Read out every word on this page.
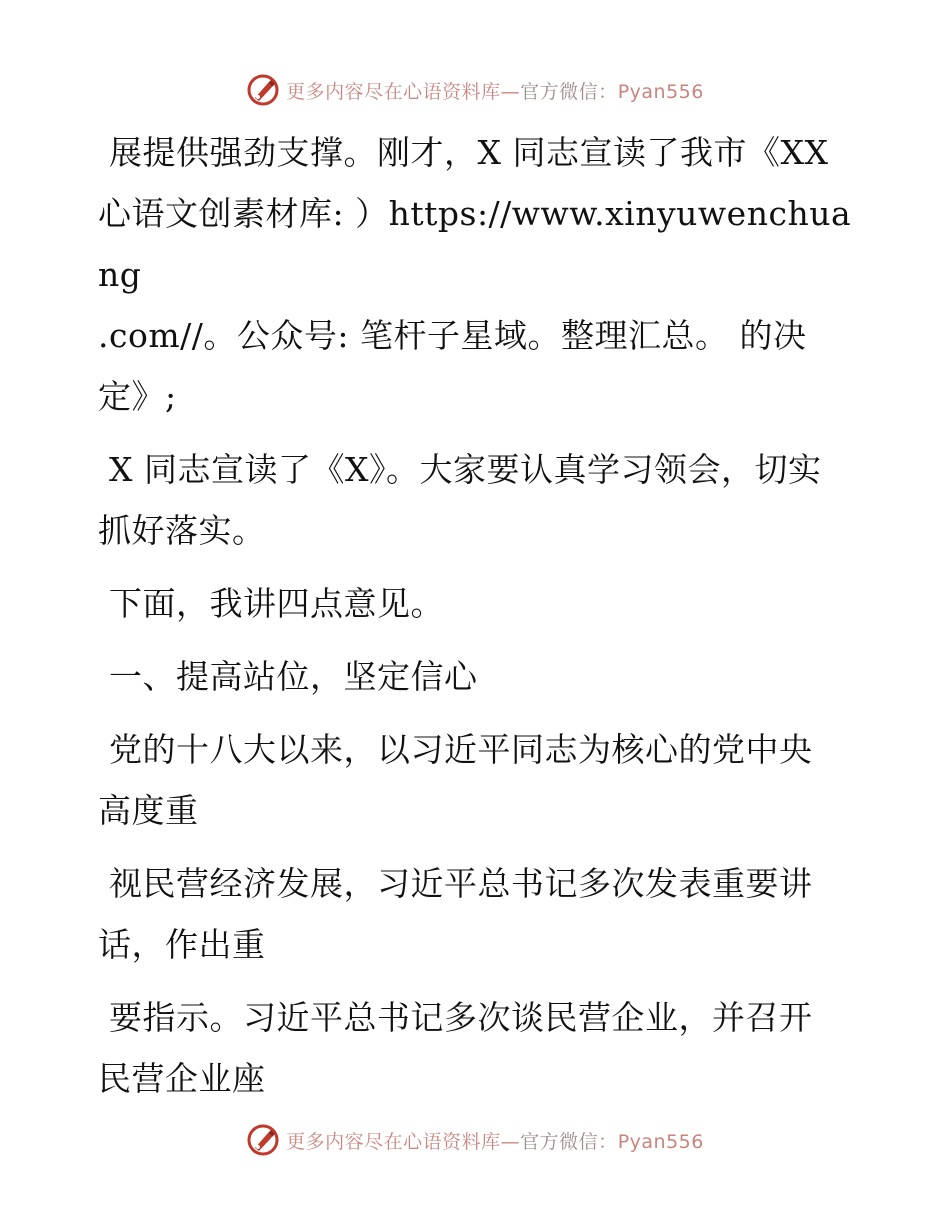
更多内容尽在心语资料库—官方微信：Pyan556

展提供强劲支撑。刚才，X 同志宣读了我市《XX
心语文创素材库: ）https://www.xinyuwenchuang
.com//。公众号: 笔杆子星域。整理汇总。 的决
定》;

X 同志宣读了《X》。大家要认真学习领会，切实
抓好落实。

下面，我讲四点意见。

一、提高站位，坚定信心

党的十八大以来，以习近平同志为核心的党中央
高度重

视民营经济发展，习近平总书记多次发表重要讲
话，作出重

要指示。习近平总书记多次谈民营企业，并召开
民营企业座

更多内容尽在心语资料库—官方微信：Pyan556
